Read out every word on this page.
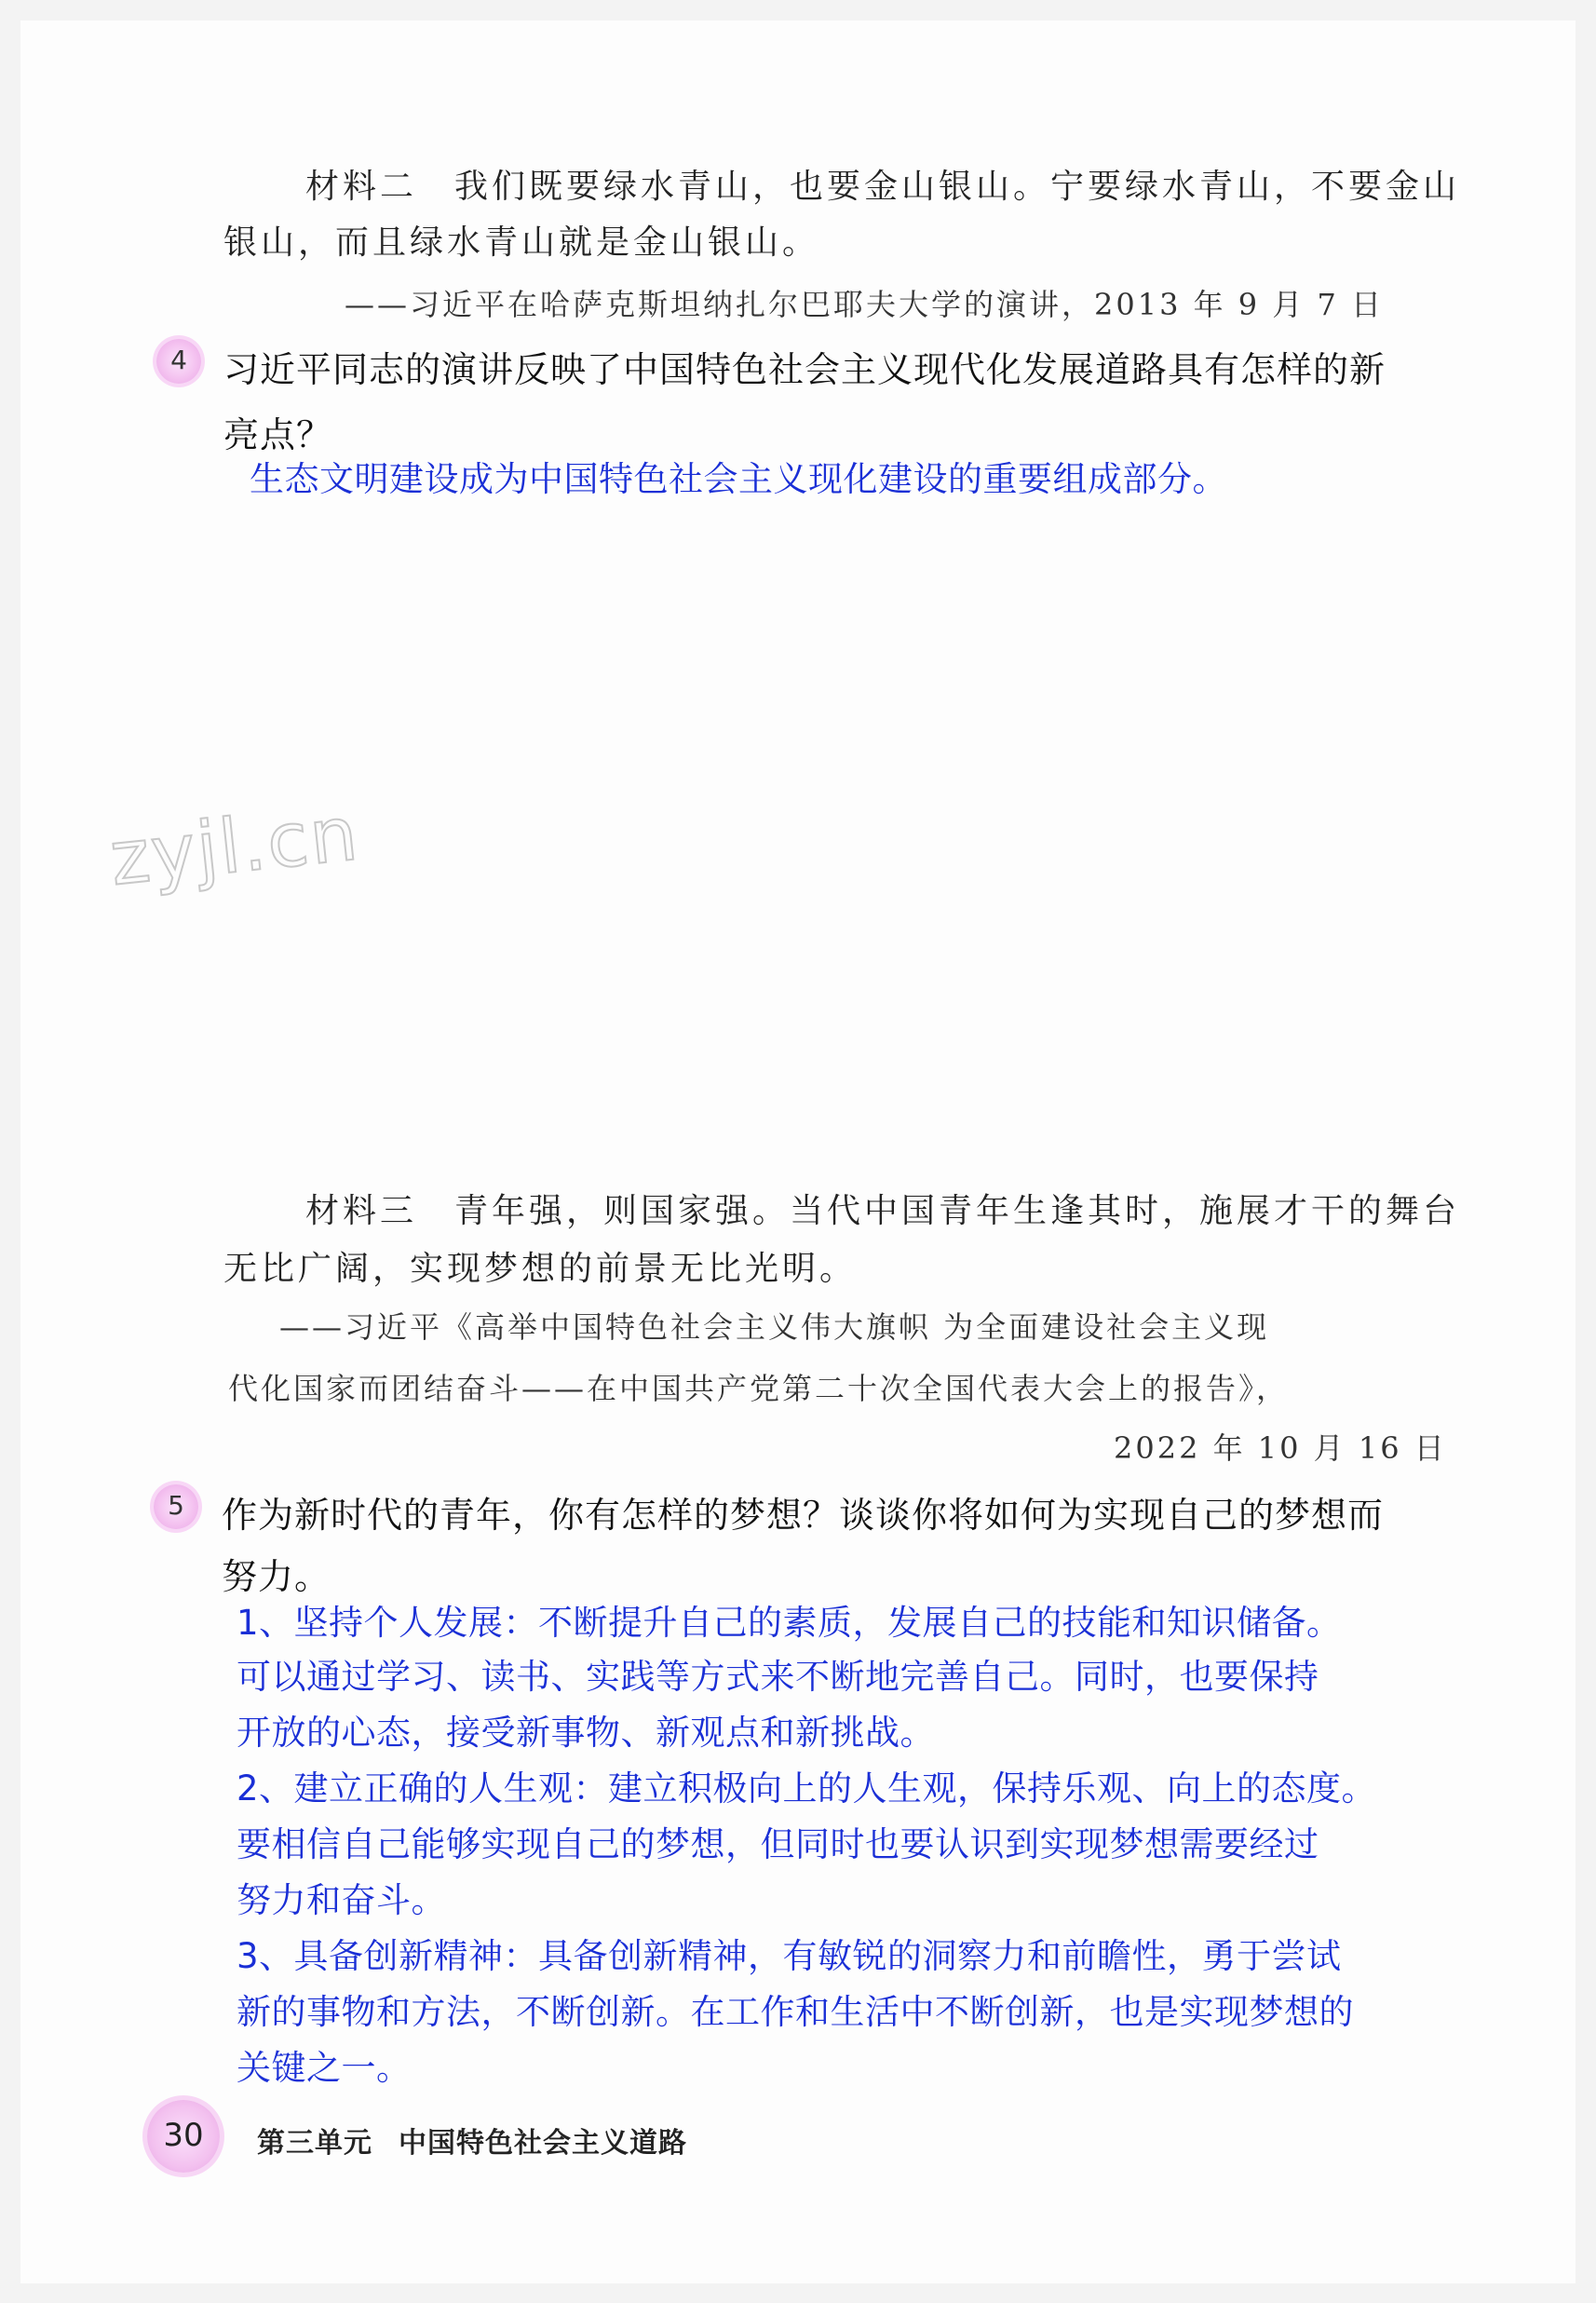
材料二　我们既要绿水青山，也要金山银山。宁要绿水青山，不要金山
银山，而且绿水青山就是金山银山。
——习近平在哈萨克斯坦纳扎尔巴耶夫大学的演讲，2013 年 9 月 7 日
4	习近平同志的演讲反映了中国特色社会主义现代化发展道路具有怎样的新
亮点？
生态文明建设成为中国特色社会主义现化建设的重要组成部分。
zyjl.cn
材料三　青年强，则国家强。当代中国青年生逢其时，施展才干的舞台
无比广阔，实现梦想的前景无比光明。
——习近平《高举中国特色社会主义伟大旗帜 为全面建设社会主义现
代化国家而团结奋斗——在中国共产党第二十次全国代表大会上的报告》，
2022 年 10 月 16 日
5	作为新时代的青年，你有怎样的梦想？谈谈你将如何为实现自己的梦想而
努力。
1、坚持个人发展：不断提升自己的素质，发展自己的技能和知识储备。
可以通过学习、读书、实践等方式来不断地完善自己。同时，也要保持
开放的心态，接受新事物、新观点和新挑战。
2、建立正确的人生观：建立积极向上的人生观，保持乐观、向上的态度。
要相信自己能够实现自己的梦想，但同时也要认识到实现梦想需要经过
努力和奋斗。
3、具备创新精神：具备创新精神，有敏锐的洞察力和前瞻性，勇于尝试
新的事物和方法，不断创新。在工作和生活中不断创新，也是实现梦想的
关键之一。
30	第三单元 中国特色社会主义道路
